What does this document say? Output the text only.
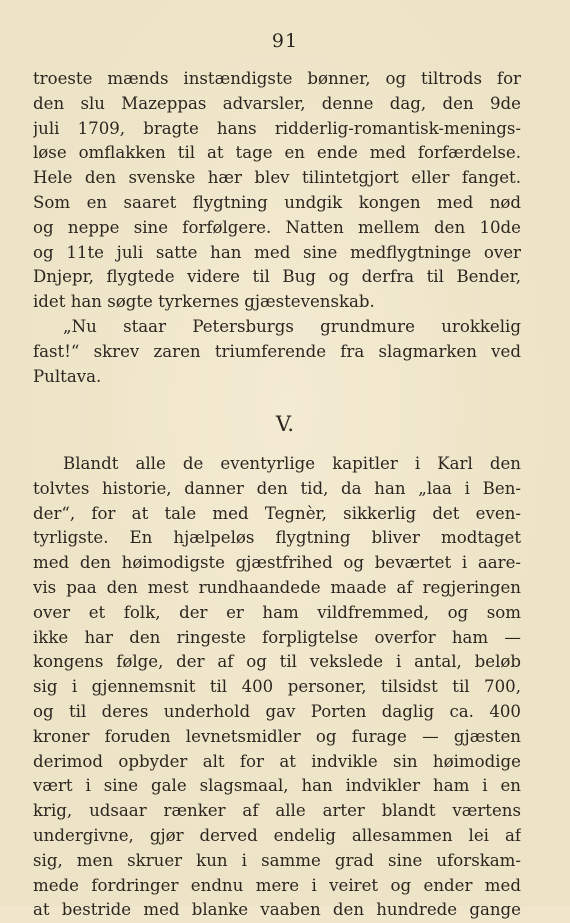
91
troeste mænds instændigste bønner, og tiltrods for
den slu Mazeppas advarsler, denne dag, den 9de
juli 1709, bragte hans ridderlig-romantisk-menings-
løse omflakken til at tage en ende med forfærdelse.
Hele den svenske hær blev tilintetgjort eller fanget.
Som en saaret flygtning undgik kongen med nød
og neppe sine forfølgere. Natten mellem den 10de
og 11te juli satte han med sine medflygtninge over
Dnjepr, flygtede videre til Bug og derfra til Bender,
idet han søgte tyrkernes gjæstevenskab.
„Nu staar Petersburgs grundmure urokkelig
fast!“ skrev zaren triumferende fra slagmarken ved
Pultava.
V.
Blandt alle de eventyrlige kapitler i Karl den
tolvtes historie, danner den tid, da han „laa i Ben-
der“, for at tale med Tegnèr, sikkerlig det even-
tyrligste. En hjælpeløs flygtning bliver modtaget
med den høimodigste gjæstfrihed og beværtet i aare-
vis paa den mest rundhaandede maade af regjeringen
over et folk, der er ham vildfremmed, og som
ikke har den ringeste forpligtelse overfor ham —
kongens følge, der af og til vekslede i antal, beløb
sig i gjennemsnit til 400 personer, tilsidst til 700,
og til deres underhold gav Porten daglig ca. 400
kroner foruden levnetsmidler og furage — gjæsten
derimod opbyder alt for at indvikle sin høimodige
vært i sine gale slagsmaal, han indvikler ham i en
krig, udsaar rænker af alle arter blandt værtens
undergivne, gjør derved endelig allesammen lei af
sig, men skruer kun i samme grad sine uforskam-
mede fordringer endnu mere i veiret og ender med
at bestride med blanke vaaben den hundrede gange
